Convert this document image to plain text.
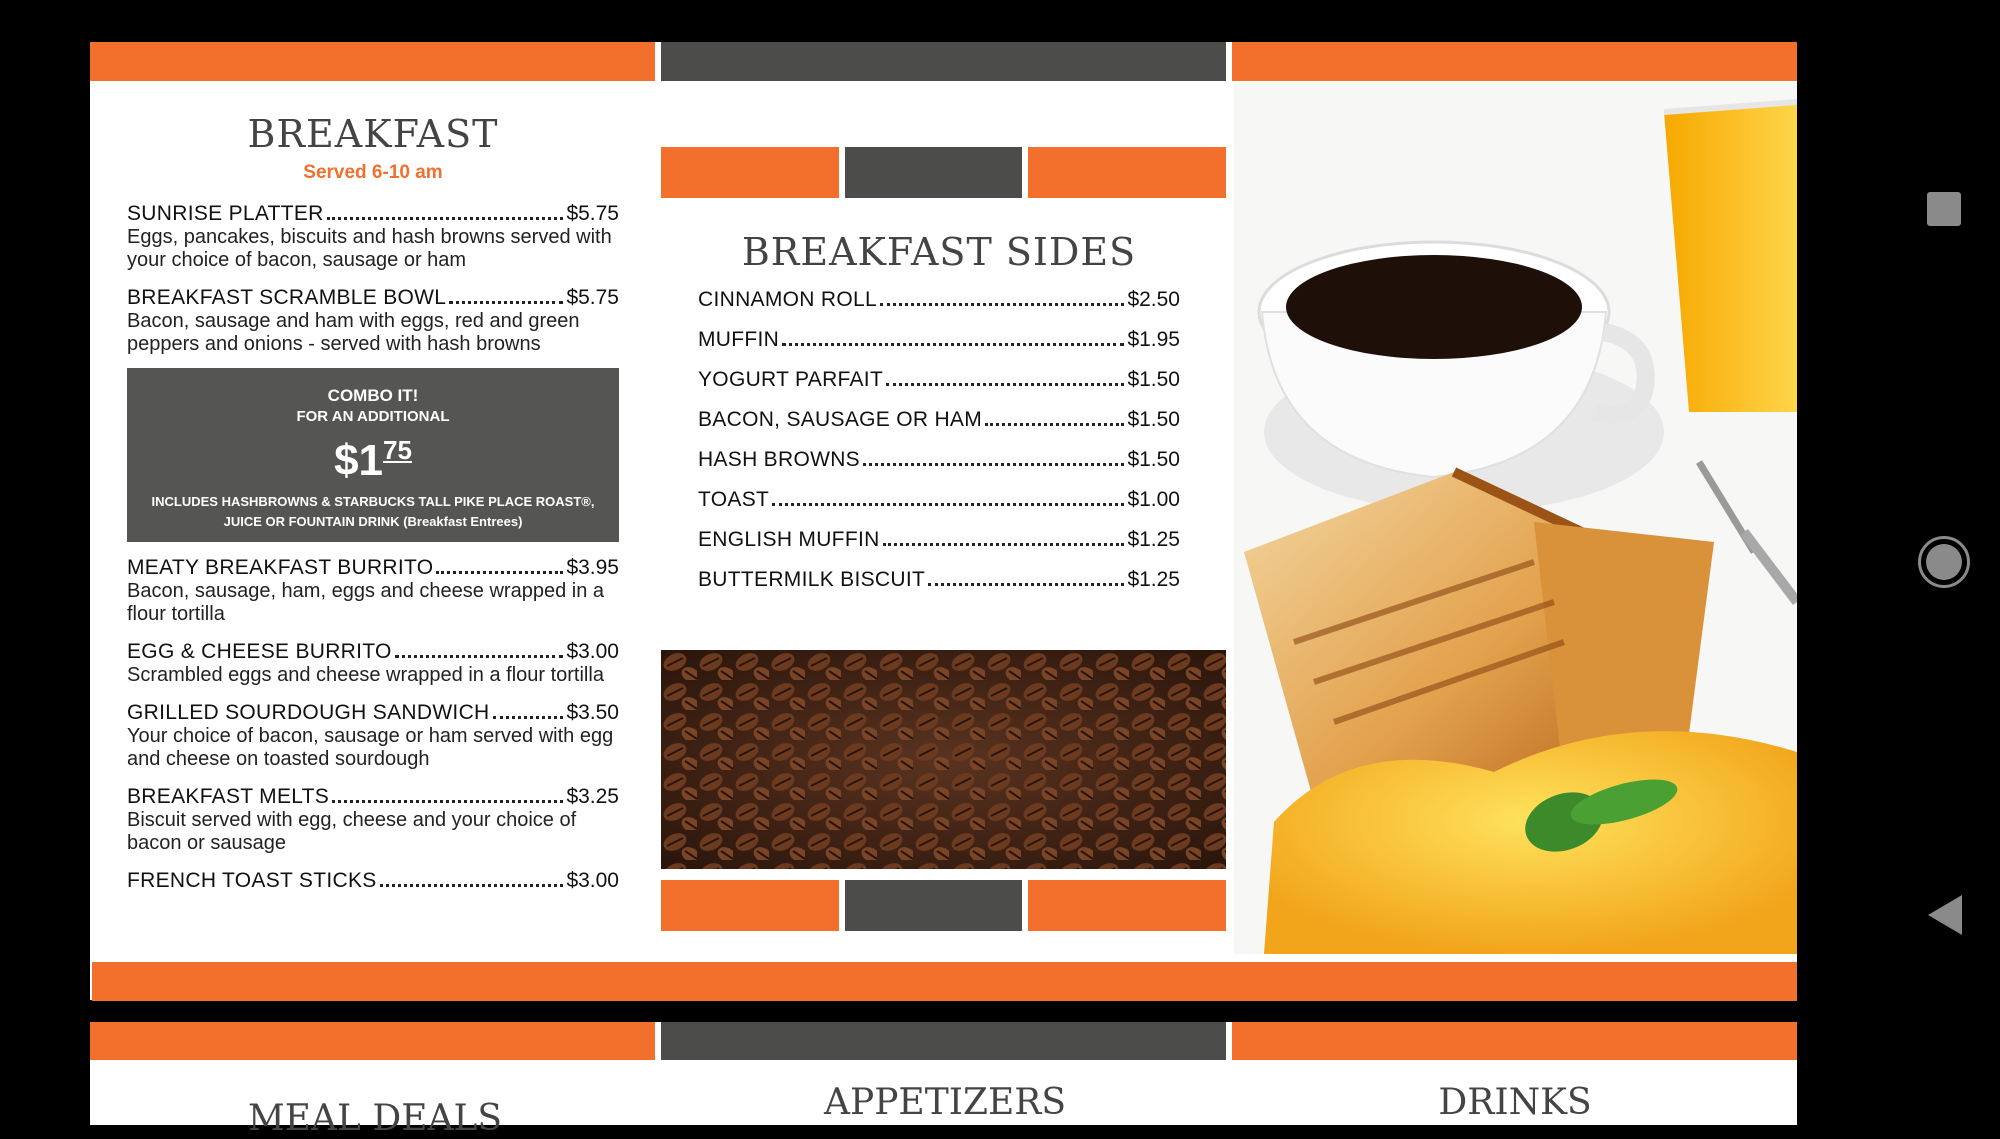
BREAKFAST
Served 6-10 am
SUNRISE PLATTER	$5.75
Eggs, pancakes, biscuits and hash browns served with your choice of bacon, sausage or ham
BREAKFAST SCRAMBLE BOWL	$5.75
Bacon, sausage and ham with eggs, red and green peppers and onions - served with hash browns
COMBO IT!
FOR AN ADDITIONAL
$\$1^{75}$
INCLUDES HASHBROWNS & STARBUCKS TALL PIKE PLACE ROAST®,
JUICE OR FOUNTAIN DRINK (Breakfast Entrees)
MEATY BREAKFAST BURRITO	$3.95
Bacon, sausage, ham, eggs and cheese wrapped in a flour tortilla
EGG & CHEESE BURRITO	$3.00
Scrambled eggs and cheese wrapped in a flour tortilla
GRILLED SOURDOUGH SANDWICH	$3.50
Your choice of bacon, sausage or ham served with egg and cheese on toasted sourdough
BREAKFAST MELTS	$3.25
Biscuit served with egg, cheese and your choice of bacon or sausage
FRENCH TOAST STICKS	$3.00
BREAKFAST SIDES
CINNAMON ROLL	$2.50
MUFFIN	$1.95
YOGURT PARFAIT	$1.50
BACON, SAUSAGE OR HAM	$1.50
HASH BROWNS	$1.50
TOAST	$1.00
ENGLISH MUFFIN	$1.25
BUTTERMILK BISCUIT	$1.25
MEAL DEALS	APPETIZERS	DRINKS
